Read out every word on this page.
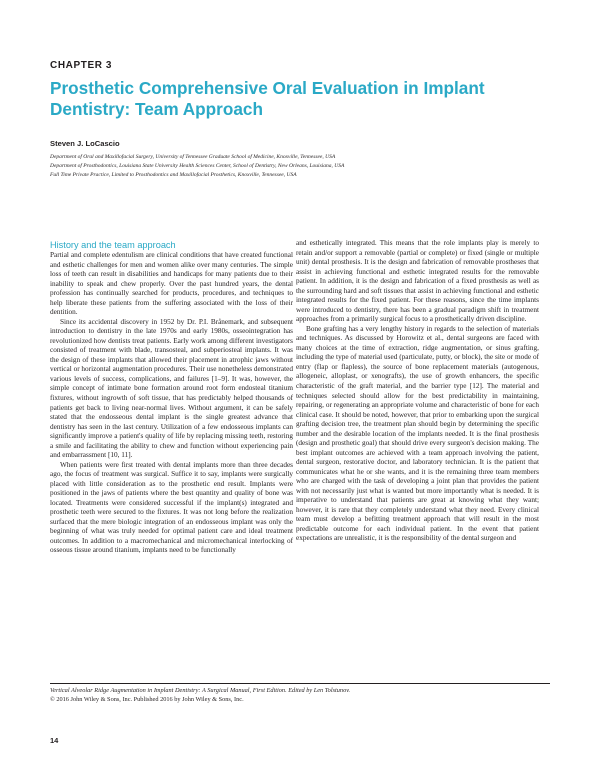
CHAPTER 3
Prosthetic Comprehensive Oral Evaluation in Implant Dentistry: Team Approach
Steven J. LoCascio
Department of Oral and Maxillofacial Surgery, University of Tennessee Graduate School of Medicine, Knoxville, Tennessee, USA
Department of Prosthodontics, Louisiana State University Health Sciences Center, School of Dentistry, New Orleans, Louisiana, USA
Full Time Private Practice, Limited to Prosthodontics and Maxillofacial Prosthetics, Knoxville, Tennessee, USA
History and the team approach

Partial and complete edentulism are clinical conditions that have created functional and esthetic challenges for men and women alike over many centuries. The simple loss of teeth can result in disabilities and handicaps for many patients due to their inability to speak and chew properly. Over the past hundred years, the dental profession has continually searched for products, procedures, and techniques to help liberate these patients from the suffering associated with the loss of their dentition.

Since its accidental discovery in 1952 by Dr. P.I. Brånemark, and subsequent introduction to dentistry in the late 1970s and early 1980s, osseointegration has revolutionized how dentists treat patients. Early work among different investigators consisted of treatment with blade, transosteal, and subperiosteal implants. It was the design of these implants that allowed their placement in atrophic jaws without vertical or horizontal augmentation procedures. Their use nonetheless demonstrated various levels of success, complications, and failures [1–9]. It was, however, the simple concept of intimate bone formation around root form endosteal titanium fixtures, without ingrowth of soft tissue, that has predictably helped thousands of patients get back to living near-normal lives. Without argument, it can be safely stated that the endosseous dental implant is the single greatest advance that dentistry has seen in the last century. Utilization of a few endosseous implants can significantly improve a patient's quality of life by replacing missing teeth, restoring a smile and facilitating the ability to chew and function without experiencing pain and embarrassment [10, 11].

When patients were first treated with dental implants more than three decades ago, the focus of treatment was surgical. Suffice it to say, implants were surgically placed with little consideration as to the prosthetic end result. Implants were positioned in the jaws of patients where the best quantity and quality of bone was located. Treatments were considered successful if the implant(s) integrated and prosthetic teeth were secured to the fixtures. It was not long before the realization surfaced that the mere biologic integration of an endosseous implant was only the beginning of what was truly needed for optimal patient care and ideal treatment outcomes. In addition to a macromechanical and micromechanical interlocking of osseous tissue around titanium, implants need to be functionally

and esthetically integrated. This means that the role implants play is merely to retain and/or support a removable (partial or complete) or fixed (single or multiple unit) dental prosthesis. It is the design and fabrication of removable prostheses that assist in achieving functional and esthetic integrated results for the removable patient. In addition, it is the design and fabrication of a fixed prosthesis as well as the surrounding hard and soft tissues that assist in achieving functional and esthetic integrated results for the fixed patient. For these reasons, since the time implants were introduced to dentistry, there has been a gradual paradigm shift in treatment approaches from a primarily surgical focus to a prosthetically driven discipline.

Bone grafting has a very lengthy history in regards to the selection of materials and techniques. As discussed by Horowitz et al., dental surgeons are faced with many choices at the time of extraction, ridge augmentation, or sinus grafting, including the type of material used (particulate, putty, or block), the site or mode of entry (flap or flapless), the source of bone replacement materials (autogenous, allogeneic, alloplast, or xenografts), the use of growth enhancers, the specific characteristic of the graft material, and the barrier type [12]. The material and techniques selected should allow for the best predictability in maintaining, repairing, or regenerating an appropriate volume and characteristic of bone for each clinical case. It should be noted, however, that prior to embarking upon the surgical grafting decision tree, the treatment plan should begin by determining the specific number and the desirable location of the implants needed. It is the final prosthesis (design and prosthetic goal) that should drive every surgeon's decision making. The best implant outcomes are achieved with a team approach involving the patient, dental surgeon, restorative doctor, and laboratory technician. It is the patient that communicates what he or she wants, and it is the remaining three team members who are charged with the task of developing a joint plan that provides the patient with not necessarily just what is wanted but more importantly what is needed. It is imperative to understand that patients are great at knowing what they want; however, it is rare that they completely understand what they need. Every clinical team must develop a befitting treatment approach that will result in the most predictable outcome for each individual patient. In the event that patient expectations are unrealistic, it is the responsibility of the dental surgeon and

Vertical Alveolar Ridge Augmentation in Implant Dentistry: A Surgical Manual, First Edition. Edited by Len Tolstunov.
© 2016 John Wiley & Sons, Inc. Published 2016 by John Wiley & Sons, Inc.
14
